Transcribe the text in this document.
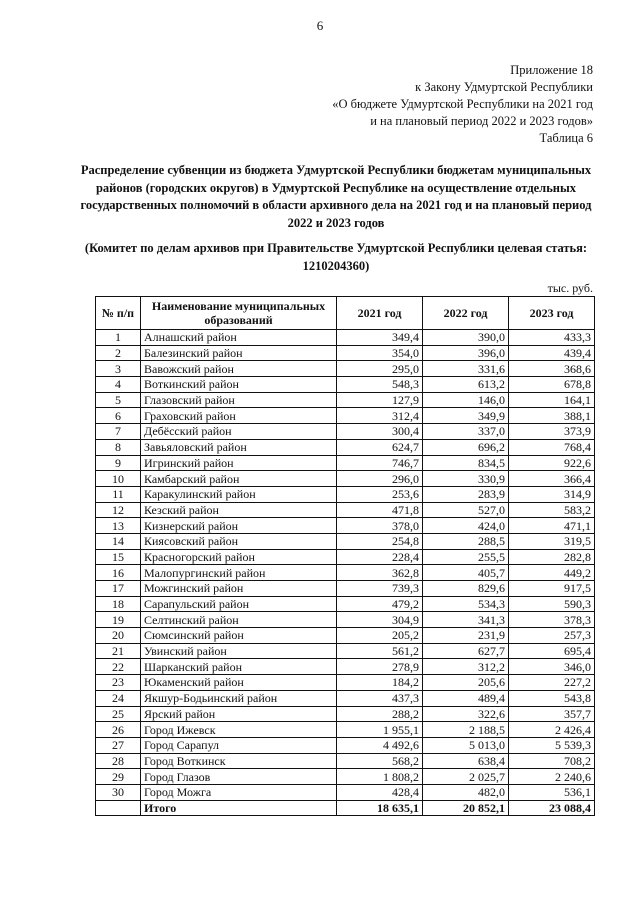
6
Приложение 18
к Закону Удмуртской Республики
«О бюджете Удмуртской Республики на 2021 год
и на плановый период 2022 и 2023 годов»
Таблица 6
Распределение субвенции из бюджета Удмуртской Республики бюджетам муниципальных районов (городских округов) в Удмуртской Республике на осуществление отдельных государственных полномочий в области архивного дела на 2021 год и на плановый период 2022 и 2023 годов
(Комитет по делам архивов при Правительстве Удмуртской Республики целевая статья: 1210204360)
тыс. руб.
№ п/п	Наименование муниципальных образований	2021 год	2022 год	2023 год
1	Алнашский район	349,4	390,0	433,3
2	Балезинский район	354,0	396,0	439,4
3	Вавожский район	295,0	331,6	368,6
4	Воткинский район	548,3	613,2	678,8
5	Глазовский район	127,9	146,0	164,1
6	Граховский район	312,4	349,9	388,1
7	Дебёсский район	300,4	337,0	373,9
8	Завьяловский район	624,7	696,2	768,4
9	Игринский район	746,7	834,5	922,6
10	Камбарский район	296,0	330,9	366,4
11	Каракулинский район	253,6	283,9	314,9
12	Кезский район	471,8	527,0	583,2
13	Кизнерский район	378,0	424,0	471,1
14	Киясовский район	254,8	288,5	319,5
15	Красногорский район	228,4	255,5	282,8
16	Малопургинский район	362,8	405,7	449,2
17	Можгинский район	739,3	829,6	917,5
18	Сарапульский район	479,2	534,3	590,3
19	Селтинский район	304,9	341,3	378,3
20	Сюмсинский район	205,2	231,9	257,3
21	Увинский район	561,2	627,7	695,4
22	Шарканский район	278,9	312,2	346,0
23	Юкаменский район	184,2	205,6	227,2
24	Якшур-Бодьинский район	437,3	489,4	543,8
25	Ярский район	288,2	322,6	357,7
26	Город Ижевск	1 955,1	2 188,5	2 426,4
27	Город Сарапул	4 492,6	5 013,0	5 539,3
28	Город Воткинск	568,2	638,4	708,2
29	Город Глазов	1 808,2	2 025,7	2 240,6
30	Город Можга	428,4	482,0	536,1
	Итого	18 635,1	20 852,1	23 088,4
